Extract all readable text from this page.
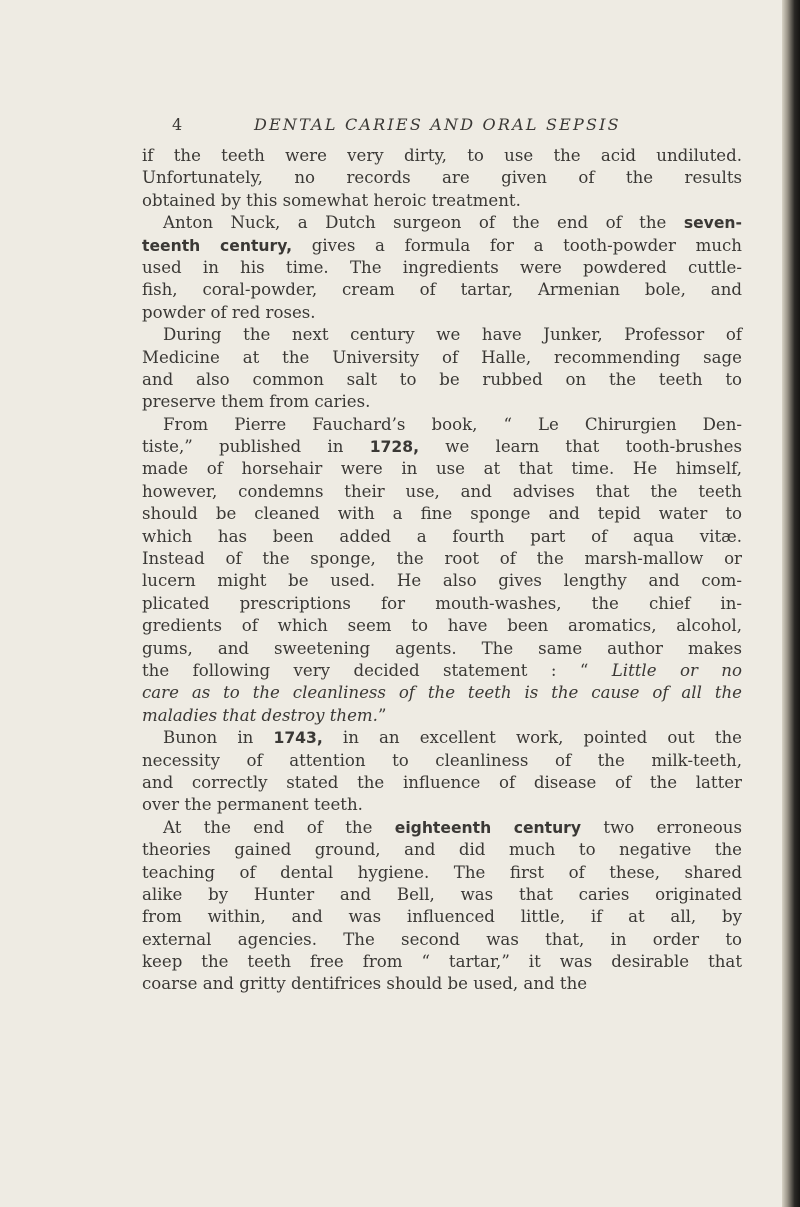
4	DENTAL CARIES AND ORAL SEPSIS
if the teeth were very dirty, to use the acid undiluted.
Unfortunately, no records are given of the results
obtained by this somewhat heroic treatment.
Anton Nuck, a Dutch surgeon of the end of the seven-
teenth century, gives a formula for a tooth-powder much
used in his time. The ingredients were powdered cuttle-
fish, coral-powder, cream of tartar, Armenian bole, and
powder of red roses.
During the next century we have Junker, Professor of
Medicine at the University of Halle, recommending sage
and also common salt to be rubbed on the teeth to
preserve them from caries.
From Pierre Fauchard’s book, “ Le Chirurgien Den-
tiste,” published in 1728, we learn that tooth-brushes
made of horsehair were in use at that time. He himself,
however, condemns their use, and advises that the teeth
should be cleaned with a fine sponge and tepid water to
which has been added a fourth part of aqua vitæ.
Instead of the sponge, the root of the marsh-mallow or
lucern might be used. He also gives lengthy and com-
plicated prescriptions for mouth-washes, the chief in-
gredients of which seem to have been aromatics, alcohol,
gums, and sweetening agents. The same author makes
the following very decided statement : “ Little or no
care as to the cleanliness of the teeth is the cause of all the
maladies that destroy them.”
Bunon in 1743, in an excellent work, pointed out the
necessity of attention to cleanliness of the milk-teeth,
and correctly stated the influence of disease of the latter
over the permanent teeth.
At the end of the eighteenth century two erroneous
theories gained ground, and did much to negative the
teaching of dental hygiene. The first of these, shared
alike by Hunter and Bell, was that caries originated
from within, and was influenced little, if at all, by
external agencies. The second was that, in order to
keep the teeth free from “ tartar,” it was desirable that
coarse and gritty dentifrices should be used, and the
